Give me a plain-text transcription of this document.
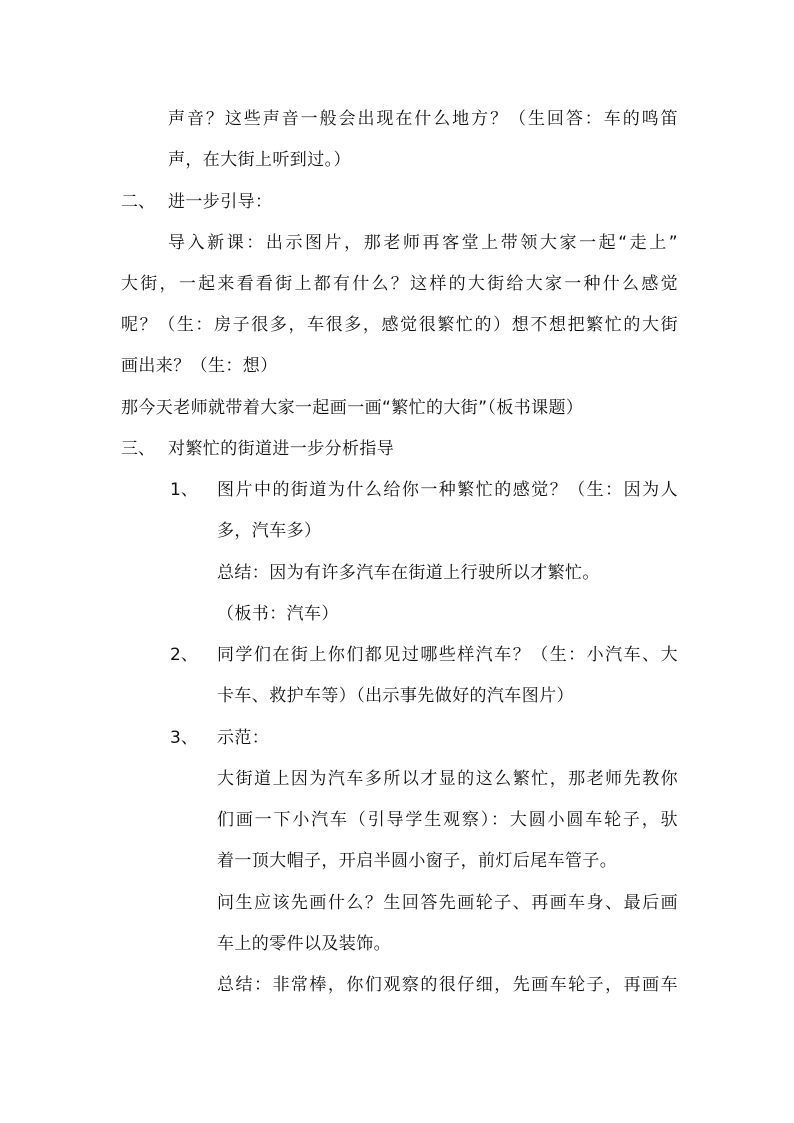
声音？这些声音一般会出现在什么地方？（生回答：车的鸣笛
声，在大街上听到过。）
二、 进一步引导：
导入新课：出示图片，那老师再客堂上带领大家一起“走上”
大街，一起来看看街上都有什么？这样的大街给大家一种什么感觉
呢？（生：房子很多，车很多，感觉很繁忙的）想不想把繁忙的大街
画出来？（生：想）
那今天老师就带着大家一起画一画“繁忙的大街”（板书课题）
三、 对繁忙的街道进一步分析指导
1、 图片中的街道为什么给你一种繁忙的感觉？（生：因为人
多，汽车多）
总结：因为有许多汽车在街道上行驶所以才繁忙。
（板书：汽车）
2、 同学们在街上你们都见过哪些样汽车？（生：小汽车、大
卡车、救护车等）（出示事先做好的汽车图片）
3、 示范：
大街道上因为汽车多所以才显的这么繁忙，那老师先教你
们画一下小汽车（引导学生观察）：大圆小圆车轮子，驮
着一顶大帽子，开启半圆小窗子，前灯后尾车管子。
问生应该先画什么？生回答先画轮子、再画车身、最后画
车上的零件以及装饰。
总结：非常棒，你们观察的很仔细，先画车轮子，再画车
